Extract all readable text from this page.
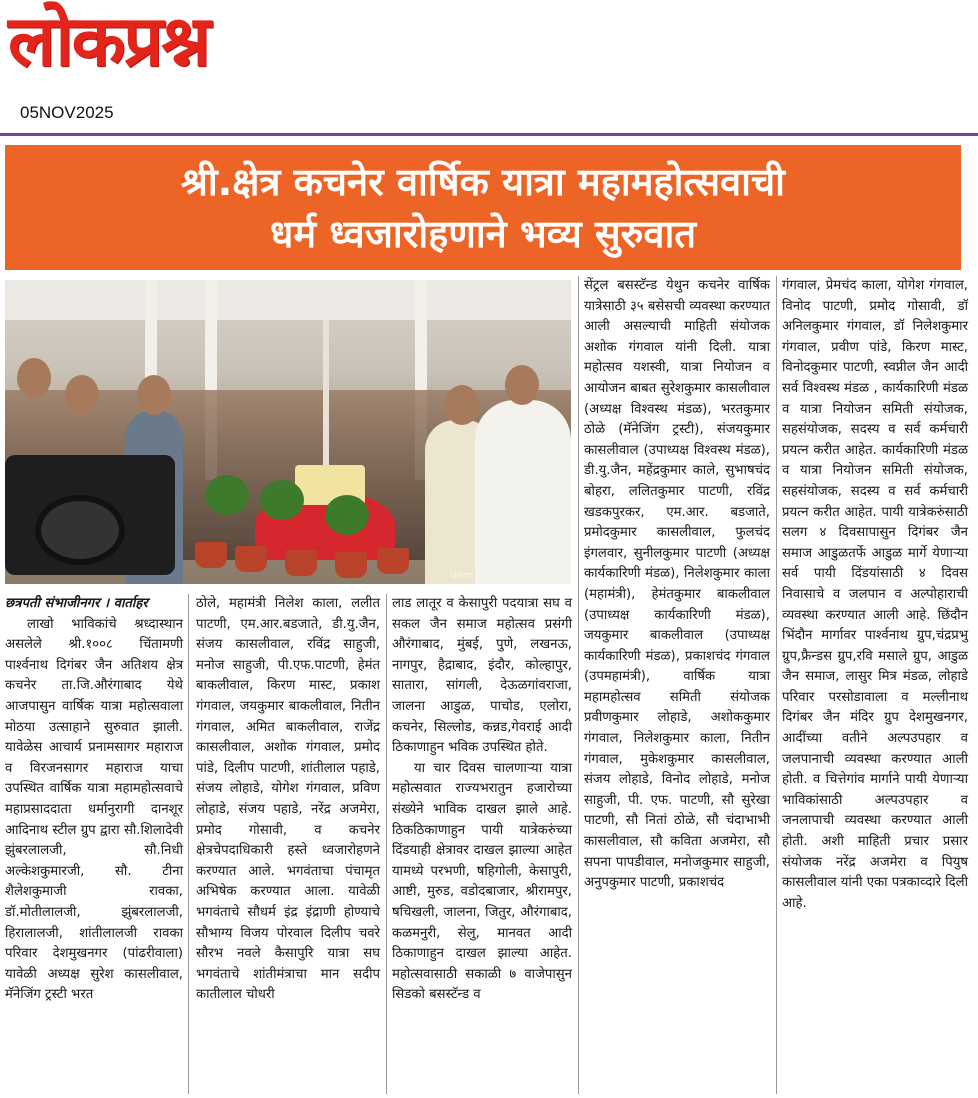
लोकप्रश्न
05NOV2025
श्री.क्षेत्र कचनेर वार्षिक यात्रा महामहोत्सवाची
धर्म ध्वजारोहणाने भव्य सुरुवात
Nikon Z f 28mm f/6.3 1/125s

छत्रपती संभाजीनगर । वार्ताहर

लाखो भाविकांचे श्रध्दास्थान असलेले श्री.१००८ चिंतामणी पार्श्वनाथ दिगंबर जैन अतिशय क्षेत्र कचनेर ता.जि.औरंगाबाद येथे आजपासुन वार्षिक यात्रा महोत्सवाला मोठया उत्साहाने सुरुवात झाली. यावेळेस आचार्य प्रनामसागर महाराज व विरजनसागर महाराज याचा उपस्थित वार्षिक यात्रा महामहोत्सवाचे महाप्रसाददाता धर्मानुरागी दानशूर आदिनाथ स्टील ग्रुप द्वारा सौ.शिलादेवी झुंबरलालजी, सौ.निधी अल्केशकुमारजी, सौ. टीना शैलेशकुमाजी रावका, डॉ.मोतीलालजी, झुंबरलालजी, हिरालालजी, शांतीलालजी रावका परिवार देशमुखनगर (पांढरीवाला) यावेळी अध्यक्ष सुरेश कासलीवाल, मॅनेजिंग ट्रस्टी भरत

ठोले, महामंत्री निलेश काला, ललीत पाटणी, एम.आर.बडजाते, डी.यु.जैन, संजय कासलीवाल, रविंद्र साहुजी, मनोज साहुजी, पी.एफ.पाटणी, हेमंत बाकलीवाल, किरण मास्ट, प्रकाश गंगवाल, जयकुमार बाकलीवाल, नितीन गंगवाल, अमित बाकलीवाल, राजेंद्र कासलीवाल, अशोक गंगवाल, प्रमोद पांडे, दिलीप पाटणी, शांतीलाल पहाडे, संजय लोहाडे, योगेश गंगवाल, प्रविण लोहाडे, संजय पहाडे, नरेंद्र अजमेरा, प्रमोद गोसावी, व कचनेर क्षेत्रचेपदाधिकारी हस्ते ध्वजारोहणने करण्यात आले. भगवंताचा पंचामृत अभिषेक करण्यात आला. यावेळी भगवंताचे सौधर्म इंद्र इंद्राणी होण्याचे सौभाग्य विजय पोरवाल दिलीप चवरे सौरभ नवले कैसापुरि यात्रा सघ भगवंताचे शांतीमंत्राचा मान सदीप कातीलाल चोधरी

लाड लातूर व केसापुरी पदयात्रा सघ व सकल जैन समाज महोत्सव प्रसंगी औरंगाबाद, मुंबई, पुणे, लखनऊ, नागपुर, हैद्राबाद, इंदौर, कोल्हापुर, सातारा, सांगली, देऊळगांवराजा, जालना आडुळ, पाचोड, एलोरा, कचनेर, सिल्लोड, कन्नड,गेवराई आदी ठिकाणाहुन भविक उपस्थित होते.

या चार दिवस चालणाऱ्या यात्रा महोत्सवात राज्यभरातुन हजारोच्या संख्येने भाविक दाखल झाले आहे. ठिकठिकाणाहुन पायी यात्रेकरुंच्या दिंडयाही क्षेत्रावर दाखल झाल्या आहेत यामध्ये परभणी, षहिगोली, केसापुरी, आष्टी, मुरुड, वडोदबाजार, श्रीरामपुर, षचिखली, जालना, जितुर, औरंगाबाद, कळमनुरी, सेलु, मानवत आदी ठिकाणाहुन दाखल झाल्या आहेत. महोत्सवासाठी सकाळी ७ वाजेपासुन सिडको बसस्टॅन्ड व

सेंट्रल बसस्टॅन्ड येथुन कचनेर वार्षिक यात्रेसाठी ३५ बसेसची व्यवस्था करण्यात आली असल्याची माहिती संयोजक अशोक गंगवाल यांनी दिली. यात्रा महोत्सव यशस्वी, यात्रा नियोजन व आयोजन बाबत सुरेशकुमार कासलीवाल (अध्यक्ष विश्वस्थ मंडळ), भरतकुमार ठोळे (मॅनेजिंग ट्रस्टी), संजयकुमार कासलीवाल (उपाध्यक्ष विश्वस्थ मंडळ), डी.यु.जैन, महेंद्रकुमार काले, सुभाषचंद बोहरा, ललितकुमार पाटणी, रविंद्र खडकपुरकर, एम.आर. बडजाते, प्रमोदकुमार कासलीवाल, फुलचंद इंगलवार, सुनीलकुमार पाटणी (अध्यक्ष कार्यकारिणी मंडळ), निलेशकुमार काला (महामंत्री), हेमंतकुमार बाकलीवाल (उपाध्यक्ष कार्यकारिणी मंडळ), जयकुमार बाकलीवाल (उपाध्यक्ष कार्यकारिणी मंडळ), प्रकाशचंद गंगवाल (उपमहामंत्री), वार्षिक यात्रा महामहोत्सव समिती संयोजक प्रवीणकुमार लोहाडे, अशोककुमार गंगवाल, निलेशकुमार काला, नितीन गंगवाल, मुकेशकुमार कासलीवाल, संजय लोहाडे, विनोद लोहाडे, मनोज साहुजी, पी. एफ. पाटणी, सौ सुरेखा पाटणी, सौ नितां ठोळे, सौ चंदाभाभी कासलीवाल, सौ कविता अजमेरा, सौ सपना पापडीवाल, मनोजकुमार साहुजी, अनुपकुमार पाटणी, प्रकाशचंद

गंगवाल, प्रेमचंद काला, योगेश गंगवाल, विनोद पाटणी, प्रमोद गोसावी, डॉ अनिलकुमार गंगवाल, डॉ निलेशकुमार गंगवाल, प्रवीण पांडे, किरण मास्ट, विनोदकुमार पाटणी, स्वप्नील जैन आदी सर्व विश्वस्थ मंडळ , कार्यकारिणी मंडळ व यात्रा नियोजन समिती संयोजक, सहसंयोजक, सदस्य व सर्व कर्मचारी प्रयत्न करीत आहेत. कार्यकारिणी मंडळ व यात्रा नियोजन समिती संयोजक, सहसंयोजक, सदस्य व सर्व कर्मचारी प्रयत्न करीत आहेत. पायी यात्रेकरुंसाठी सलग ४ दिवसापासुन दिगंबर जैन समाज आडुळतर्फे आडुळ मार्गे येणाऱ्या सर्व पायी दिंडयांसाठी ४ दिवस निवासाचे व जलपान व अल्पोहाराची व्यवस्था करण्यात आली आहे. छिंदौन भिंदौन मार्गावर पार्श्वनाथ ग्रुप,चंद्रप्रभु ग्रुप,फ्रैन्डस ग्रुप,रवि मसाले ग्रुप, आडुळ जैन समाज, लासुर मित्र मंडळ, लोहाडे परिवार परसोडावाला व मल्लीनाथ दिगंबर जैन मंदिर ग्रुप देशमुखनगर, आदींच्या वतीने अल्पउपहार व जलपानाची व्यवस्था करण्यात आली होती. व चित्तेगांव मार्गाने पायी येणाऱ्या भाविकांसाठी अल्पउपहार व जनलापाची व्यवस्था करण्यात आली होती. अशी माहिती प्रचार प्रसार संयोजक नरेंद्र अजमेरा व पियुष कासलीवाल यांनी एका पत्रकाव्दारे दिली आहे.
